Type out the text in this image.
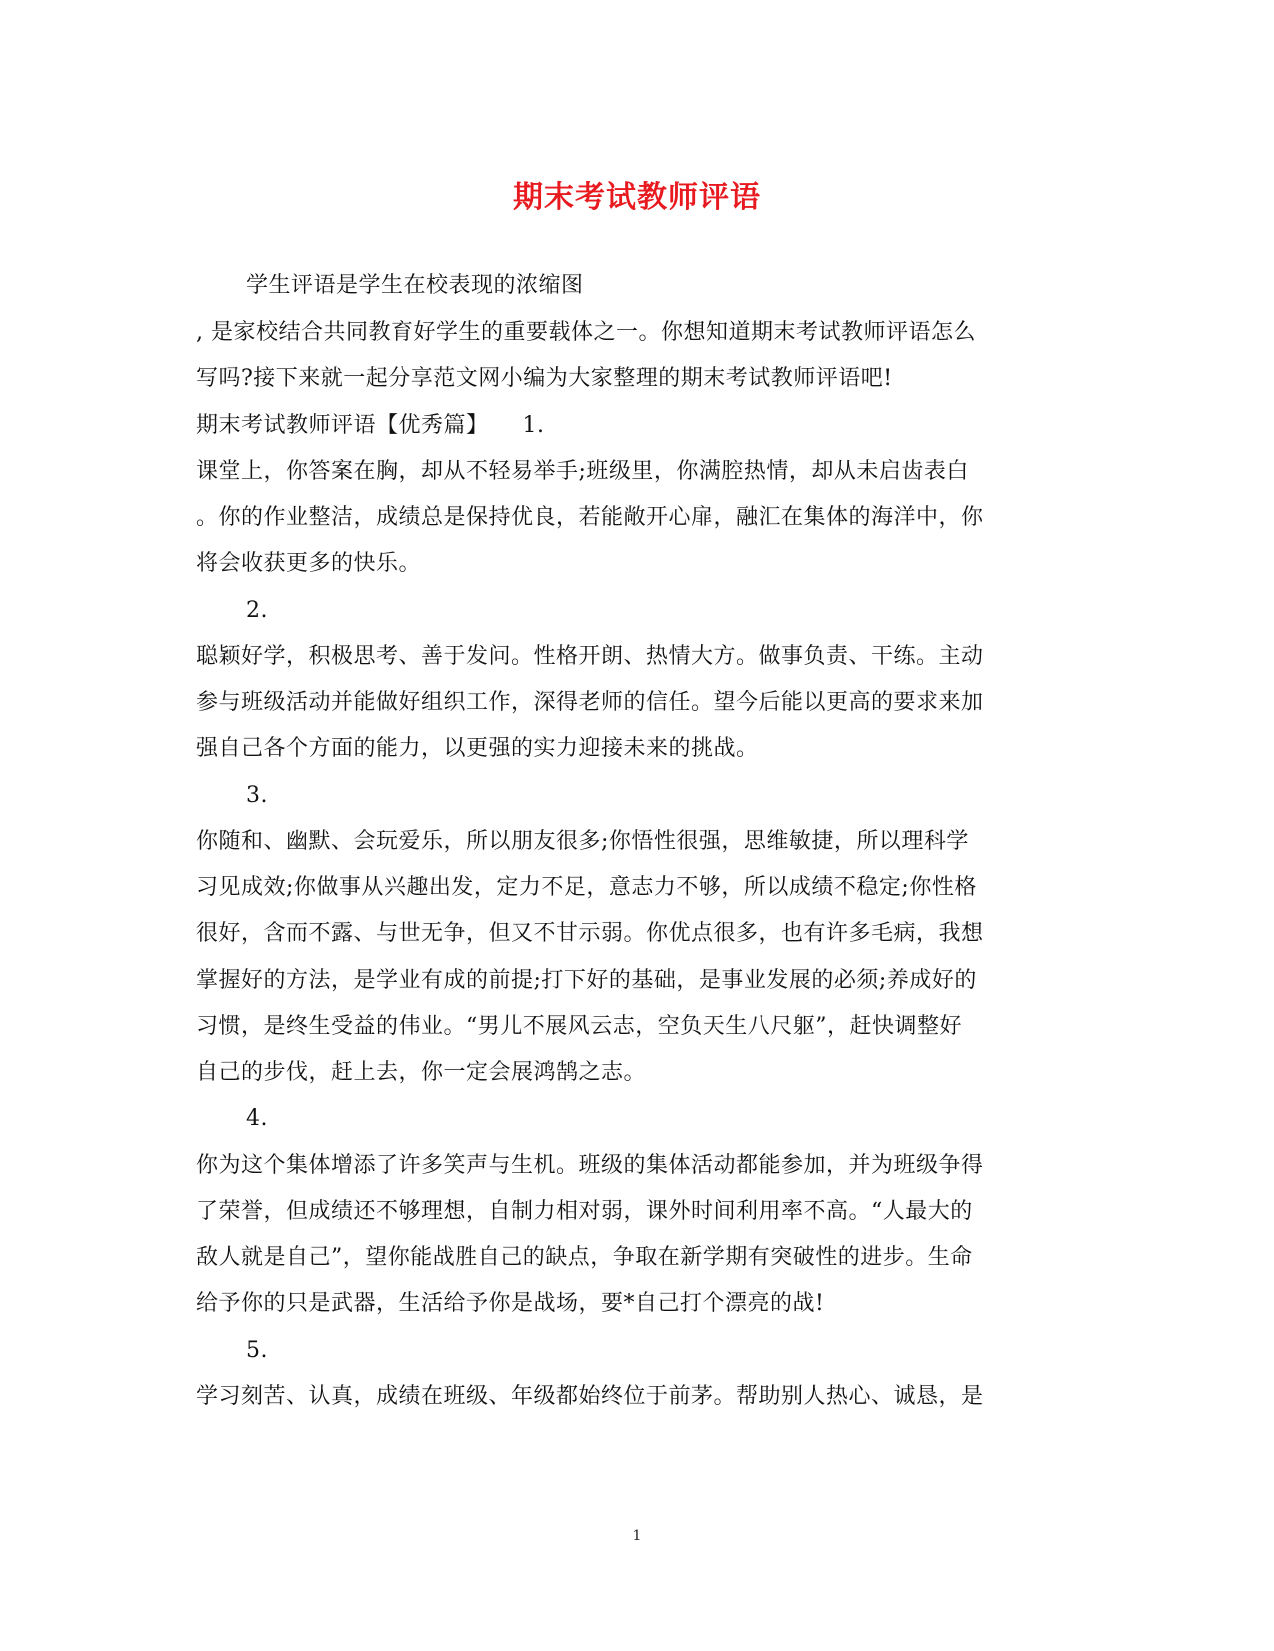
期末考试教师评语
学生评语是学生在校表现的浓缩图
, 是家校结合共同教育好学生的重要载体之一。你想知道期末考试教师评语怎么
写吗?接下来就一起分享范文网小编为大家整理的期末考试教师评语吧!
期末考试教师评语【优秀篇】　　1.
课堂上，你答案在胸，却从不轻易举手;班级里，你满腔热情，却从未启齿表白
。你的作业整洁，成绩总是保持优良，若能敞开心扉，融汇在集体的海洋中，你
将会收获更多的快乐。
2.
聪颖好学，积极思考、善于发问。性格开朗、热情大方。做事负责、干练。主动
参与班级活动并能做好组织工作，深得老师的信任。望今后能以更高的要求来加
强自己各个方面的能力，以更强的实力迎接未来的挑战。
3.
你随和、幽默、会玩爱乐，所以朋友很多;你悟性很强，思维敏捷，所以理科学
习见成效;你做事从兴趣出发，定力不足，意志力不够，所以成绩不稳定;你性格
很好，含而不露、与世无争，但又不甘示弱。你优点很多，也有许多毛病，我想
掌握好的方法，是学业有成的前提;打下好的基础，是事业发展的必须;养成好的
习惯，是终生受益的伟业。“男儿不展风云志，空负天生八尺躯”，赶快调整好
自己的步伐，赶上去，你一定会展鸿鹄之志。
4.
你为这个集体增添了许多笑声与生机。班级的集体活动都能参加，并为班级争得
了荣誉，但成绩还不够理想，自制力相对弱，课外时间利用率不高。“人最大的
敌人就是自己”，望你能战胜自己的缺点，争取在新学期有突破性的进步。生命
给予你的只是武器，生活给予你是战场，要*自己打个漂亮的战!
5.
学习刻苦、认真，成绩在班级、年级都始终位于前茅。帮助别人热心、诚恳，是
1
